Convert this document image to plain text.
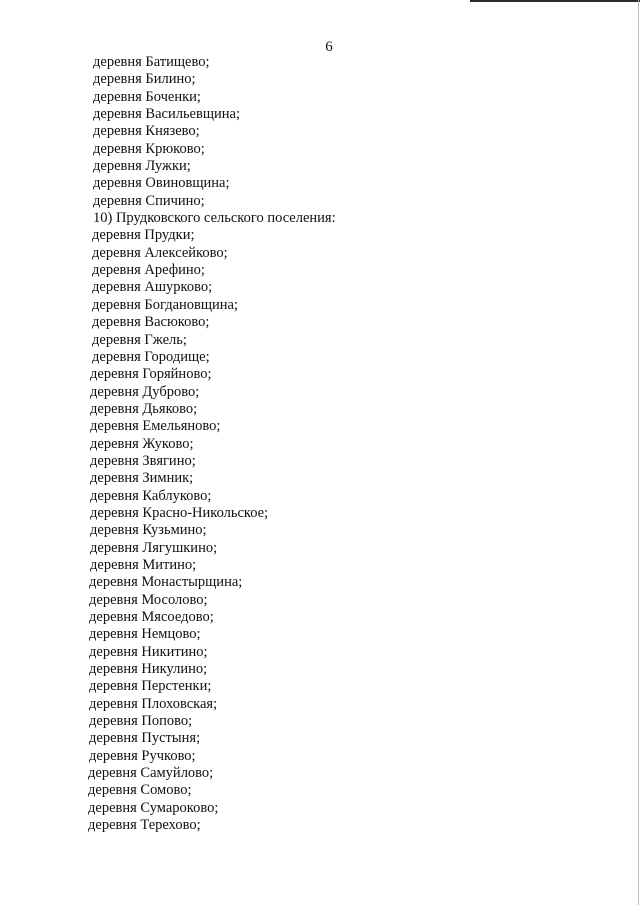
6
деревня Батищево;
деревня Билино;
деревня Боченки;
деревня Васильевщина;
деревня Князево;
деревня Крюково;
деревня Лужки;
деревня Овиновщина;
деревня Спичино;
10) Прудковского сельского поселения:
деревня Прудки;
деревня Алексейково;
деревня Арефино;
деревня Ашурково;
деревня Богдановщина;
деревня Васюково;
деревня Гжель;
деревня Городище;
деревня Горяйново;
деревня Дуброво;
деревня Дьяково;
деревня Емельяново;
деревня Жуково;
деревня Звягино;
деревня Зимник;
деревня Каблуково;
деревня Красно-Никольское;
деревня Кузьмино;
деревня Лягушкино;
деревня Митино;
деревня Монастырщина;
деревня Мосолово;
деревня Мясоедово;
деревня Немцово;
деревня Никитино;
деревня Никулино;
деревня Перстенки;
деревня Плоховская;
деревня Попово;
деревня Пустыня;
деревня Ручково;
деревня Самуйлово;
деревня Сомово;
деревня Сумароково;
деревня Терехово;
